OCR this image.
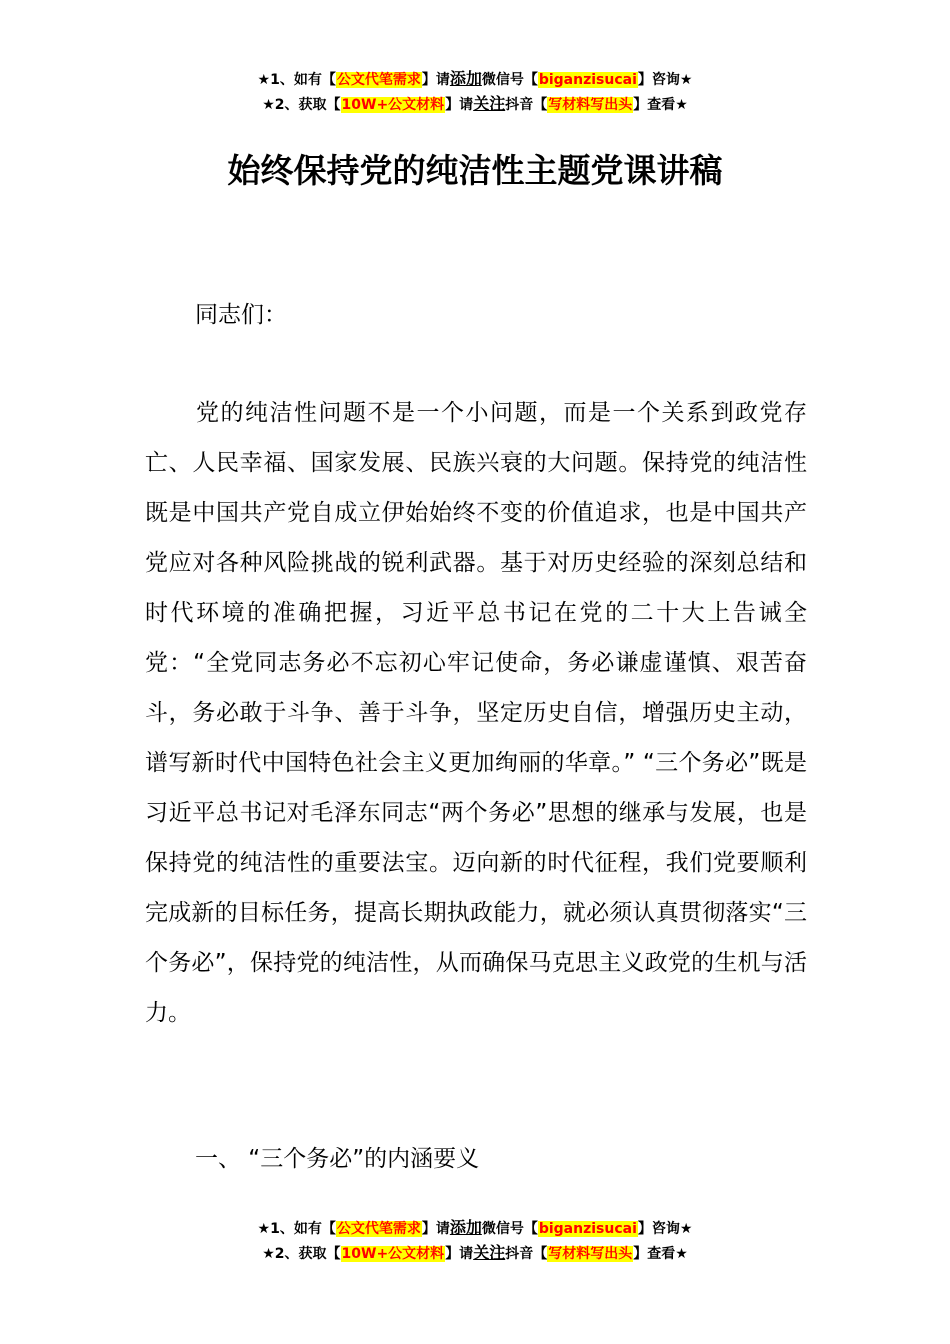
★1、如有【公文代笔需求】请添加微信号【biganzisucai】咨询★
★2、获取【10W+公文材料】请关注抖音【写材料写出头】查看★
始终保持党的纯洁性主题党课讲稿

同志们：

党的纯洁性问题不是一个小问题，而是一个关系到政党存亡、人民幸福、国家发展、民族兴衰的大问题。保持党的纯洁性既是中国共产党自成立伊始始终不变的价值追求，也是中国共产党应对各种风险挑战的锐利武器。基于对历史经验的深刻总结和时代环境的准确把握，习近平总书记在党的二十大上告诫全党：“全党同志务必不忘初心牢记使命，务必谦虚谨慎、艰苦奋斗，务必敢于斗争、善于斗争，坚定历史自信，增强历史主动，谱写新时代中国特色社会主义更加绚丽的华章。” “三个务必”既是习近平总书记对毛泽东同志“两个务必”思想的继承与发展，也是保持党的纯洁性的重要法宝。迈向新的时代征程，我们党要顺利完成新的目标任务，提高长期执政能力，就必须认真贯彻落实“三个务必”，保持党的纯洁性，从而确保马克思主义政党的生机与活力。

一、 “三个务必”的内涵要义

★1、如有【公文代笔需求】请添加微信号【biganzisucai】咨询★
★2、获取【10W+公文材料】请关注抖音【写材料写出头】查看★
